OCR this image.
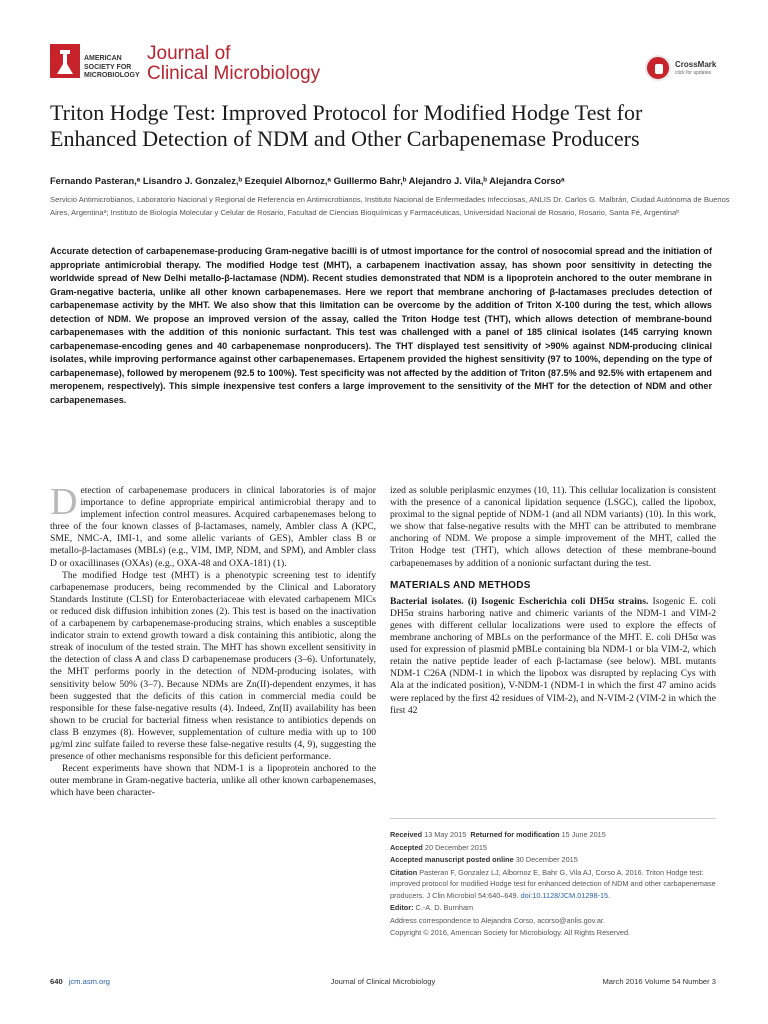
AMERICAN
SOCIETY FOR
MICROBIOLOGY
Journal of
Clinical Microbiology	CrossMark
click for updates
Triton Hodge Test: Improved Protocol for Modified Hodge Test for Enhanced Detection of NDM and Other Carbapenemase Producers
Fernando Pasteran,ᵃ Lisandro J. Gonzalez,ᵇ Ezequiel Albornoz,ᵃ Guillermo Bahr,ᵇ Alejandro J. Vila,ᵇ Alejandra Corsoᵃ
Servicio Antimicrobianos, Laboratorio Nacional y Regional de Referencia en Antimicrobianos, Instituto Nacional de Enfermedades Infecciosas, ANLIS Dr. Carlos G. Malbrán, Ciudad Autónoma de Buenos Aires, Argentinaᵃ; Instituto de Biología Molecular y Celular de Rosario, Facultad de Ciencias Bioquímicas y Farmacéuticas, Universidad Nacional de Rosario, Rosario, Santa Fé, Argentinaᵇ
Accurate detection of carbapenemase-producing Gram-negative bacilli is of utmost importance for the control of nosocomial spread and the initiation of appropriate antimicrobial therapy. The modified Hodge test (MHT), a carbapenem inactivation assay, has shown poor sensitivity in detecting the worldwide spread of New Delhi metallo-β-lactamase (NDM). Recent studies demonstrated that NDM is a lipoprotein anchored to the outer membrane in Gram-negative bacteria, unlike all other known carbapenemases. Here we report that membrane anchoring of β-lactamases precludes detection of carbapenemase activity by the MHT. We also show that this limitation can be overcome by the addition of Triton X-100 during the test, which allows detection of NDM. We propose an improved version of the assay, called the Triton Hodge test (THT), which allows detection of membrane-bound carbapenemases with the addition of this nonionic surfactant. This test was challenged with a panel of 185 clinical isolates (145 carrying known carbapenemase-encoding genes and 40 carbapenemase nonproducers). The THT displayed test sensitivity of >90% against NDM-producing clinical isolates, while improving performance against other carbapenemases. Ertapenem provided the highest sensitivity (97 to 100%, depending on the type of carbapenemase), followed by meropenem (92.5 to 100%). Test specificity was not affected by the addition of Triton (87.5% and 92.5% with ertapenem and meropenem, respectively). This simple inexpensive test confers a large improvement to the sensitivity of the MHT for the detection of NDM and other carbapenemases.

Detection of carbapenemase producers in clinical laboratories is of major importance to define appropriate empirical antimicrobial therapy and to implement infection control measures. Acquired carbapenemases belong to three of the four known classes of β-lactamases, namely, Ambler class A (KPC, SME, NMC-A, IMI-1, and some allelic variants of GES), Ambler class B or metallo-β-lactamases (MBLs) (e.g., VIM, IMP, NDM, and SPM), and Ambler class D or oxacillinases (OXAs) (e.g., OXA-48 and OXA-181) (1).

The modified Hodge test (MHT) is a phenotypic screening test to identify carbapenemase producers, being recommended by the Clinical and Laboratory Standards Institute (CLSI) for Enterobacteriaceae with elevated carbapenem MICs or reduced disk diffusion inhibition zones (2). This test is based on the inactivation of a carbapenem by carbapenemase-producing strains, which enables a susceptible indicator strain to extend growth toward a disk containing this antibiotic, along the streak of inoculum of the tested strain. The MHT has shown excellent sensitivity in the detection of class A and class D carbapenemase producers (3–6). Unfortunately, the MHT performs poorly in the detection of NDM-producing isolates, with sensitivity below 50% (3–7). Because NDMs are Zn(II)-dependent enzymes, it has been suggested that the deficits of this cation in commercial media could be responsible for these false-negative results (4). Indeed, Zn(II) availability has been shown to be crucial for bacterial fitness when resistance to antibiotics depends on class B enzymes (8). However, supplementation of culture media with up to 100 μg/ml zinc sulfate failed to reverse these false-negative results (4, 9), suggesting the presence of other mechanisms responsible for this deficient performance.

Recent experiments have shown that NDM-1 is a lipoprotein anchored to the outer membrane in Gram-negative bacteria, unlike all other known carbapenemases, which have been character-

ized as soluble periplasmic enzymes (10, 11). This cellular localization is consistent with the presence of a canonical lipidation sequence (LSGC), called the lipobox, proximal to the signal peptide of NDM-1 (and all NDM variants) (10). In this work, we show that false-negative results with the MHT can be attributed to membrane anchoring of NDM. We propose a simple improvement of the MHT, called the Triton Hodge test (THT), which allows detection of these membrane-bound carbapenemases by addition of a nonionic surfactant during the test.

MATERIALS AND METHODS

Bacterial isolates. (i) Isogenic Escherichia coli DH5α strains. Isogenic E. coli DH5α strains harboring native and chimeric variants of the NDM-1 and VIM-2 genes with different cellular localizations were used to explore the effects of membrane anchoring of MBLs on the performance of the MHT. E. coli DH5α was used for expression of plasmid pMBLe containing bla NDM-1 or bla VIM-2, which retain the native peptide leader of each β-lactamase (see below). MBL mutants NDM-1 C26A (NDM-1 in which the lipobox was disrupted by replacing Cys with Ala at the indicated position), V-NDM-1 (NDM-1 in which the first 47 amino acids were replaced by the first 42 residues of VIM-2), and N-VIM-2 (VIM-2 in which the first 42

Received 13 May 2015 Returned for modification 15 June 2015
Accepted 20 December 2015
Accepted manuscript posted online 30 December 2015
Citation Pasteran F, Gonzalez LJ, Albornoz E, Bahr G, Vila AJ, Corso A. 2016. Triton Hodge test: improved protocol for modified Hodge test for enhanced detection of NDM and other carbapenemase producers. J Clin Microbiol 54:640–649. doi:10.1128/JCM.01298-15.
Editor: C.-A. D. Burnham
Address correspondence to Alejandra Corso, acorso@anlis.gov.ar.
Copyright © 2016, American Society for Microbiology. All Rights Reserved.
640 jcm.asm.org	Journal of Clinical Microbiology	March 2016 Volume 54 Number 3
